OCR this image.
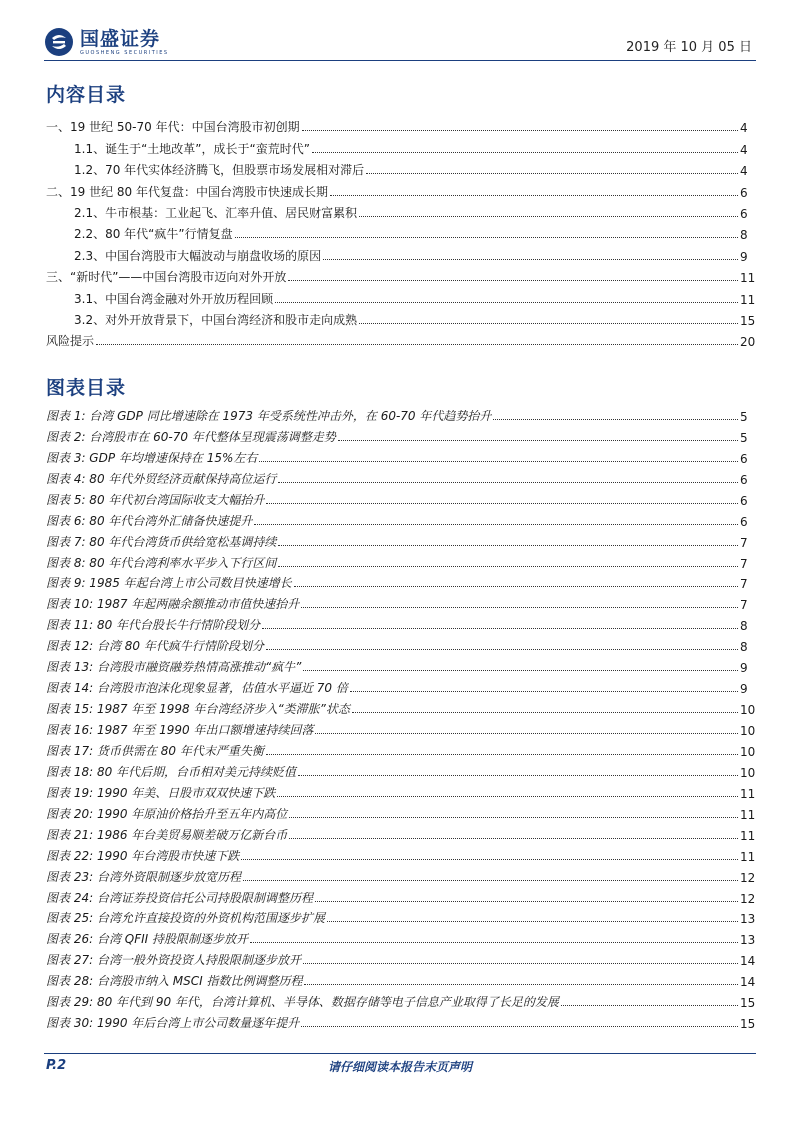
国盛证券
GUOSHENG SECURITIES	2019 年 10 月 05 日
内容目录
一、19 世纪 50-70 年代：中国台湾股市初创期	4
1.1、诞生于“土地改革”，成长于“蛮荒时代”	4
1.2、70 年代实体经济腾飞，但股票市场发展相对滞后	4
二、19 世纪 80 年代复盘：中国台湾股市快速成长期	6
2.1、牛市根基：工业起飞、汇率升值、居民财富累积	6
2.2、80 年代“疯牛”行情复盘	8
2.3、中国台湾股市大幅波动与崩盘收场的原因	9
三、“新时代”——中国台湾股市迈向对外开放	11
3.1、中国台湾金融对外开放历程回顾	11
3.2、对外开放背景下，中国台湾经济和股市走向成熟	15
风险提示	20
图表目录
图表 1: 台湾 GDP 同比增速除在 1973 年受系统性冲击外，在 60-70 年代趋势抬升	5
图表 2: 台湾股市在 60-70 年代整体呈现震荡调整走势	5
图表 3: GDP 年均增速保持在 15%左右	6
图表 4: 80 年代外贸经济贡献保持高位运行	6
图表 5: 80 年代初台湾国际收支大幅抬升	6
图表 6: 80 年代台湾外汇储备快速提升	6
图表 7: 80 年代台湾货币供给宽松基调持续	7
图表 8: 80 年代台湾利率水平步入下行区间	7
图表 9: 1985 年起台湾上市公司数目快速增长	7
图表 10: 1987 年起两融余额推动市值快速抬升	7
图表 11: 80 年代台股长牛行情阶段划分	8
图表 12: 台湾 80 年代疯牛行情阶段划分	8
图表 13: 台湾股市融资融券热情高涨推动“疯牛”	9
图表 14: 台湾股市泡沫化现象显著，估值水平逼近 70 倍	9
图表 15: 1987 年至 1998 年台湾经济步入“类滞胀”状态	10
图表 16: 1987 年至 1990 年出口额增速持续回落	10
图表 17: 货币供需在 80 年代末严重失衡	10
图表 18: 80 年代后期，台币相对美元持续贬值	10
图表 19: 1990 年美、日股市双双快速下跌	11
图表 20: 1990 年原油价格抬升至五年内高位	11
图表 21: 1986 年台美贸易顺差破万亿新台币	11
图表 22: 1990 年台湾股市快速下跌	11
图表 23: 台湾外资限制逐步放宽历程	12
图表 24: 台湾证券投资信托公司持股限制调整历程	12
图表 25: 台湾允许直接投资的外资机构范围逐步扩展	13
图表 26: 台湾 QFII 持股限制逐步放开	13
图表 27: 台湾一般外资投资人持股限制逐步放开	14
图表 28: 台湾股市纳入 MSCI 指数比例调整历程	14
图表 29: 80 年代到 90 年代，台湾计算机、半导体、数据存储等电子信息产业取得了长足的发展	15
图表 30: 1990 年后台湾上市公司数量逐年提升	15
P.2	请仔细阅读本报告末页声明
